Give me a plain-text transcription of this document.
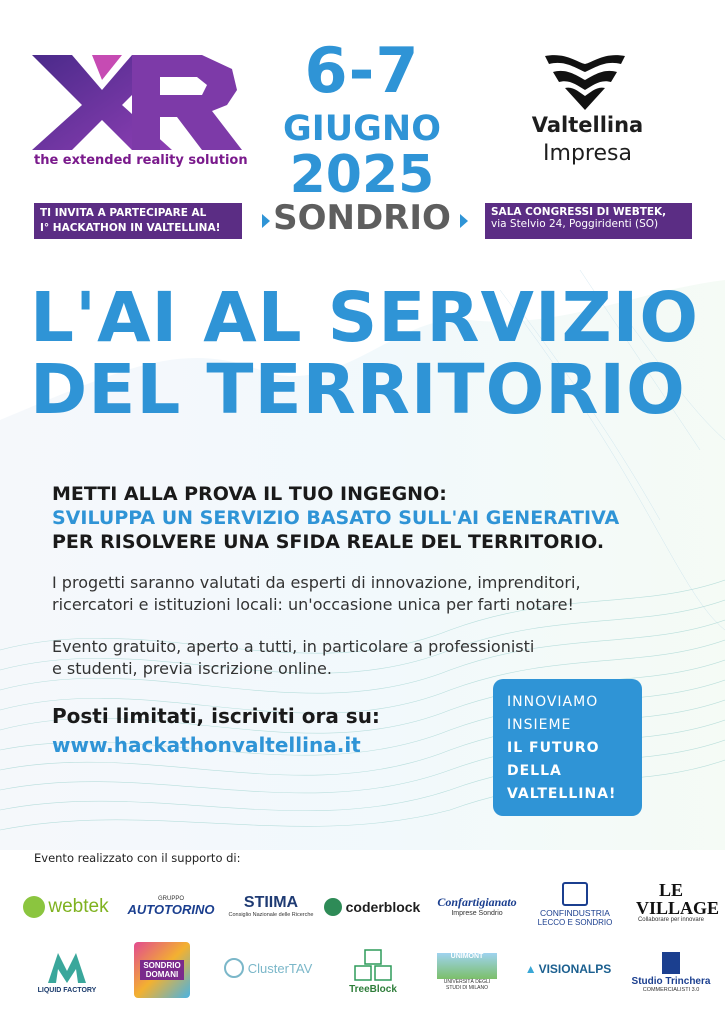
the extended reality solution
TI INVITA A PARTECIPARE AL
I° HACKATHON IN VALTELLINA!
6-7
GIUGNO
2025
SONDRIO
Valtellina
Impresa
SALA CONGRESSI DI WEBTEK,
via Stelvio 24, Poggiridenti (SO)
L'AI AL SERVIZIO
DEL TERRITORIO
METTI ALLA PROVA IL TUO INGEGNO:
SVILUPPA UN SERVIZIO BASATO SULL'AI GENERATIVA
PER RISOLVERE UNA SFIDA REALE DEL TERRITORIO.
I progetti saranno valutati da esperti di innovazione, imprenditori,
ricercatori e istituzioni locali: un'occasione unica per farti notare!
Evento gratuito, aperto a tutti, in particolare a professionisti
e studenti, previa iscrizione online.
Posti limitati, iscriviti ora su:
www.hackathonvaltellina.it
INNOVIAMO
INSIEME
IL FUTURO
DELLA
VALTELLINA!
Evento realizzato con il supporto di:
webtek	GRUPPO
AUTOTORINO STIIMA
Consiglio Nazionale delle Ricerche coderblock Confartigianato
Imprese Sondrio	CONFINDUSTRIA
LECCO E SONDRIO
LE VILLAGE
Collaborare per innovare
LIQUID FACTORY
SONDRIO DOMANI	ClusterTAV
TreeBlock
UNIMONT
UNIVERSITÀ DEGLI STUDI DI MILANO
▲ VISIONALPS
Studio Trinchera
COMMERCIALISTI 3.0
